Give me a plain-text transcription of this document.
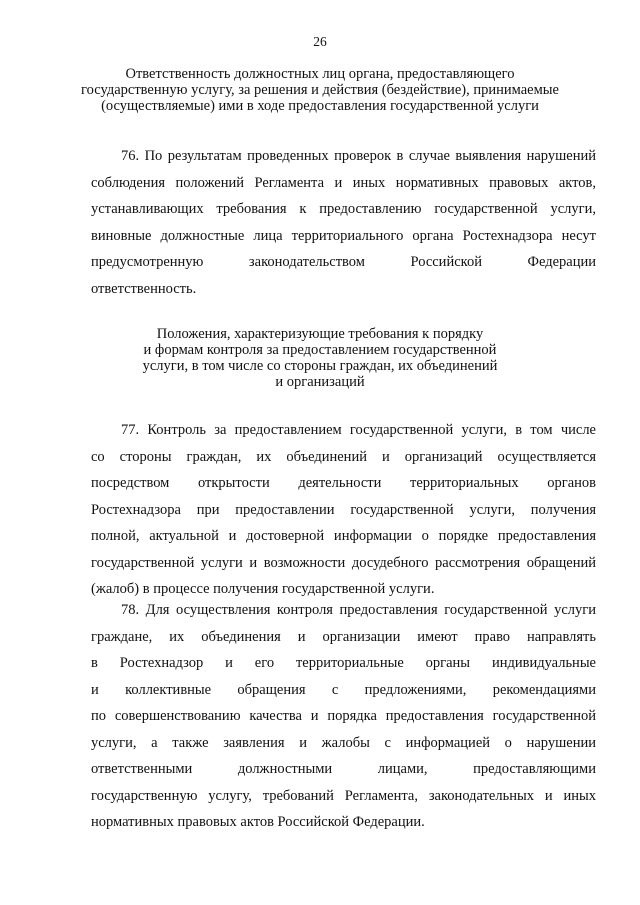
26
Ответственность должностных лиц органа, предоставляющего
государственную услугу, за решения и действия (бездействие), принимаемые
(осуществляемые) ими в ходе предоставления государственной услуги
76. По результатам проведенных проверок в случае выявления нарушений
соблюдения положений Регламента и иных нормативных правовых актов,
устанавливающих требования к предоставлению государственной услуги,
виновные должностные лица территориального органа Ростехнадзора несут
предусмотренную законодательством Российской Федерации
ответственность.
Положения, характеризующие требования к порядку
и формам контроля за предоставлением государственной
услуги, в том числе со стороны граждан, их объединений
и организаций
77. Контроль за предоставлением государственной услуги, в том числе
со стороны граждан, их объединений и организаций осуществляется
посредством открытости деятельности территориальных органов
Ростехнадзора при предоставлении государственной услуги, получения
полной, актуальной и достоверной информации о порядке предоставления
государственной услуги и возможности досудебного рассмотрения обращений
(жалоб) в процессе получения государственной услуги.
78. Для осуществления контроля предоставления государственной услуги
граждане, их объединения и организации имеют право направлять
в Ростехнадзор и его территориальные органы индивидуальные
и коллективные обращения с предложениями, рекомендациями
по совершенствованию качества и порядка предоставления государственной
услуги, а также заявления и жалобы с информацией о нарушении
ответственными должностными лицами, предоставляющими
государственную услугу, требований Регламента, законодательных и иных
нормативных правовых актов Российской Федерации.
